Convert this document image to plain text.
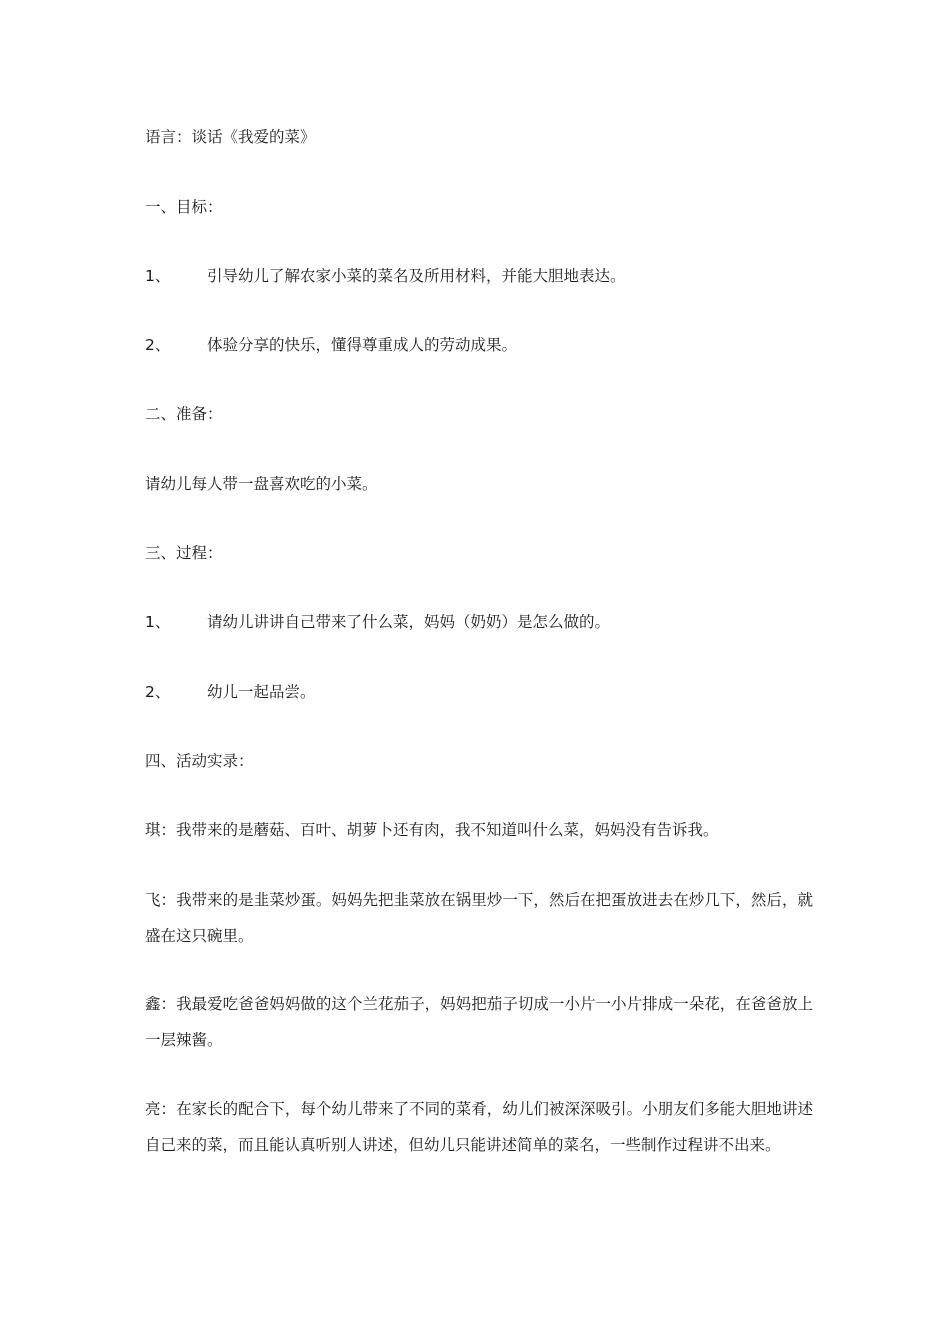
语言：谈话《我爱的菜》
一、目标：
1、 引导幼儿了解农家小菜的菜名及所用材料，并能大胆地表达。
2、 体验分享的快乐，懂得尊重成人的劳动成果。
二、准备：
请幼儿每人带一盘喜欢吃的小菜。
三、过程：
1、 请幼儿讲讲自己带来了什么菜，妈妈（奶奶）是怎么做的。
2、 幼儿一起品尝。
四、活动实录：
琪：我带来的是蘑菇、百叶、胡萝卜还有肉，我不知道叫什么菜，妈妈没有告诉我。
飞：我带来的是韭菜炒蛋。妈妈先把韭菜放在锅里炒一下，然后在把蛋放进去在炒几下，然后，就盛在这只碗里。
鑫：我最爱吃爸爸妈妈做的这个兰花茄子，妈妈把茄子切成一小片一小片排成一朵花，在爸爸放上一层辣酱。
亮：在家长的配合下，每个幼儿带来了不同的菜肴，幼儿们被深深吸引。小朋友们多能大胆地讲述自己来的菜，而且能认真听别人讲述，但幼儿只能讲述简单的菜名，一些制作过程讲不出来。
